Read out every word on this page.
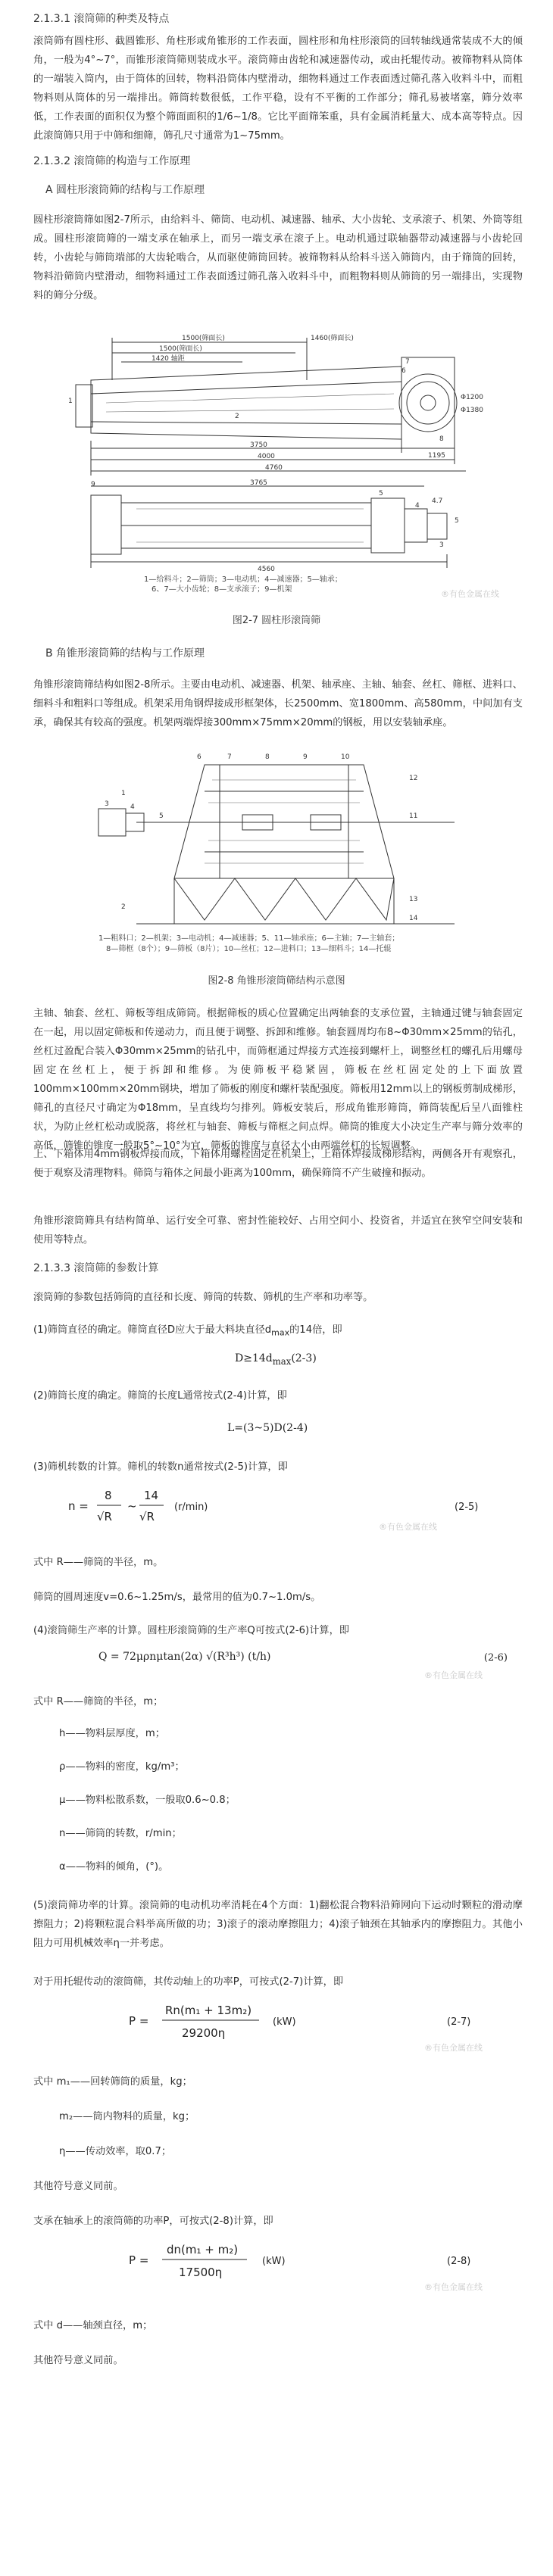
2.1.3.1 滚筒筛的种类及特点
滚筒筛有圆柱形、截圆锥形、角柱形或角锥形的工作表面，圆柱形和角柱形滚筒的回转轴线通常装成不大的倾角，一般为4°~7°，而锥形滚筒筛则装成水平。滚筒筛由齿轮和减速器传动，或由托辊传动。被筛物料从筒体的一端装入筒内，由于筒体的回转，物料沿筒体内壁滑动，细物料通过工作表面透过筛孔落入收料斗中，而粗物料则从筒体的另一端排出。筛筒转数很低，工作平稳，设有不平衡的工作部分；筛孔易被堵塞，筛分效率低，工作表面的面积仅为整个筛面面积的1/6~1/8。它比平面筛笨重，具有金属消耗量大、成本高等特点。因此滚筒筛只用于中筛和细筛，筛孔尺寸通常为1~75mm。
2.1.3.2 滚筒筛的构造与工作原理
A 圆柱形滚筒筛的结构与工作原理
圆柱形滚筒筛如图2-7所示，由给料斗、筛筒、电动机、减速器、轴承、大小齿轮、支承滚子、机架、外筒等组成。圆柱形滚筒筛的一端支承在轴承上，而另一端支承在滚子上。电动机通过联轴器带动减速器与小齿轮回转，小齿轮与筛筒端部的大齿轮啮合，从而驱使筛筒回转。被筛物料从给料斗送入筛筒内，由于筛筒的回转，物料沿筛筒内壁滑动，细物料通过工作表面透过筛孔落入收料斗中，而粗物料则从筛筒的另一端排出，实现物料的筛分分级。
1500(筛面长)
1500(筛面长)
1420 轴距
1460(筛面长)
3750
4000
4760
3765
4560
1195
Φ1200
Φ1380
4.7
5
1
2
3
4
5
6
7
8
9
1—给料斗；2—筛筒；3—电动机；4—减速器；5—轴承；
6、7—大小齿轮；8—支承滚子；9—机架	®有色金属在线
图2-7 圆柱形滚筒筛
B 角锥形滚筒筛的结构与工作原理
角锥形滚筒筛结构如图2-8所示。主要由电动机、减速器、机架、轴承座、主轴、轴套、丝杠、筛框、进料口、细料斗和粗料口等组成。机架采用角钢焊接成形框架体，长2500mm、宽1800mm、高580mm，中间加有支承，确保其有较高的强度。机架两端焊接300mm×75mm×20mm的钢板，用以安装轴承座。
1
2
3	4
5
6	7	8	9	10
11
12
13
14
1—粗料口；2—机架；3—电动机；4—减速器；5、11—轴承座；6—主轴；7—主轴套；
8—筛框（8个）；9—筛板（8片）；10—丝杠；12—进料口；13—细料斗；14—托辊
图2-8 角锥形滚筒筛结构示意图
主轴、轴套、丝杠、筛板等组成筛筒。根据筛板的质心位置确定出两轴套的支承位置，主轴通过键与轴套固定在一起，用以固定筛板和传递动力，而且便于调整、拆卸和维修。轴套圆周均布8~Φ30mm×25mm的钻孔，丝杠过盈配合装入Φ30mm×25mm的钻孔中，而筛框通过焊接方式连接到螺杆上，调整丝杠的螺孔后用螺母固定在丝杠上，便于拆卸和维修。为使筛板平稳紧固，筛板在丝杠固定处的上下面放置100mm×100mm×20mm钢块，增加了筛板的刚度和螺杆装配强度。筛板用12mm以上的钢板剪制成梯形，筛孔的直径尺寸确定为Φ18mm，呈直线均匀排列。筛板安装后，形成角锥形筛筒，筛筒装配后呈八面锥柱状，为防止丝杠松动或脱落，将丝杠与轴套、筛板与筛框之间点焊。筛筒的锥度大小决定生产率与筛分效率的高低，筛锥的锥度一般取5°~10°为宜，筛板的锥度与直径大小由两端丝杠的长短调整。
上、下箱体用4mm钢板焊接而成，下箱体用螺栓固定在机架上，上箱体焊接成梯形结构，两侧各开有观察孔，便于观察及清理物料。筛筒与箱体之间最小距离为100mm，确保筛筒不产生破撞和振动。
角锥形滚筒筛具有结构简单、运行安全可靠、密封性能较好、占用空间小、投资省，并适宜在狭窄空间安装和使用等特点。
2.1.3.3 滚筒筛的参数计算
滚筒筛的参数包括筛筒的直径和长度、筛筒的转数、筛机的生产率和功率等。
(1)筛筒直径的确定。筛筒直径D应大于最大料块直径$d_{max}$的14倍，即
$D\ge 14d_{max}(2-3)$
(2)筛筒长度的确定。筛筒的长度L通常按式(2-4)计算，即
L=(3~5)D(2-4)
(3)筛机转数的计算。筛机的转数n通常按式(2-5)计算，即
n =
8
√R
~
14
√R
(r/min)	(2-5)
®有色金属在线
式中 R——筛筒的半径，m。
筛筒的圆周速度v=0.6~1.25m/s，最常用的值为0.7~1.0m/s。
(4)滚筒筛生产率的计算。圆柱形滚筒筛的生产率Q可按式(2-6)计算，即
Q = 72μρnμtan(2α) √(R³h³) (t/h)	(2-6)
®有色金属在线
式中 R——筛筒的半径，m；
h——物料层厚度，m；
ρ——物料的密度，kg/m³；
μ——物料松散系数，一般取0.6~0.8；
n——筛筒的转数，r/min；
α——物料的倾角，(°)。
(5)滚筒筛功率的计算。滚筒筛的电动机功率消耗在4个方面：1)翻松混合物料沿筛网向下运动时颗粒的滑动摩擦阻力；2)将颗粒混合料举高所做的功；3)滚子的滚动摩擦阻力；4)滚子轴颈在其轴承内的摩擦阻力。其他小阻力可用机械效率η一并考虑。
对于用托辊传动的滚筒筛，其传动轴上的功率P，可按式(2-7)计算，即
P =
Rn(m₁ + 13m₂)
29200η
(kW)	(2-7)
®有色金属在线
式中 m₁——回转筛筒的质量，kg；
m₂——筒内物料的质量，kg；
η——传动效率，取0.7；
其他符号意义同前。
支承在轴承上的滚筒筛的功率P，可按式(2-8)计算，即
P =
dn(m₁ + m₂)
17500η
(kW)	(2-8)
®有色金属在线
式中 d——轴颈直径，m；
其他符号意义同前。
